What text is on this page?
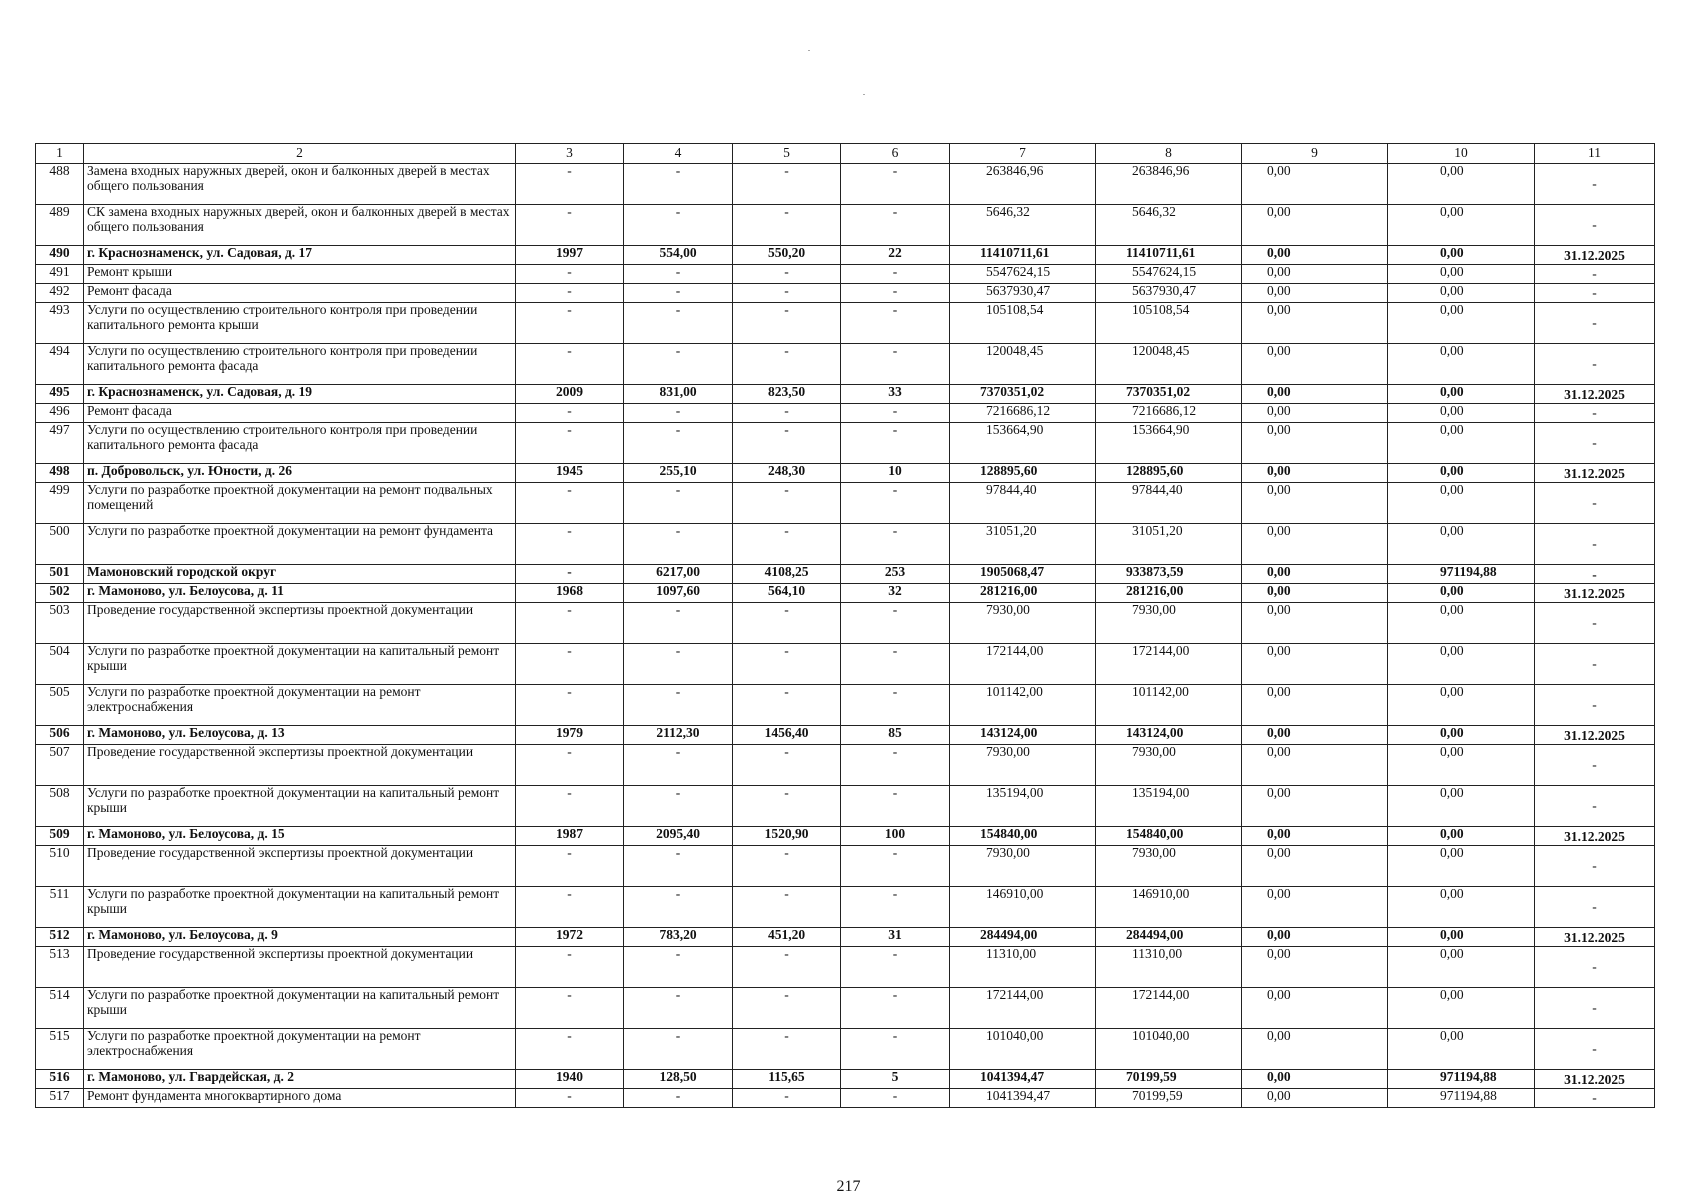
1	2	3	4	5	6	7	8	9	10	11
488	Замена входных наружных дверей, окон и балконных дверей в местах общего пользования	-	-	-	-	263846,96	263846,96	0,00	0,00	-
489	СК замена входных наружных дверей, окон и балконных дверей в местах общего пользования	-	-	-	-	5646,32	5646,32	0,00	0,00	-
490	г. Краснознаменск, ул. Садовая, д. 17	1997	554,00	550,20	22	11410711,61	11410711,61	0,00	0,00	31.12.2025
491	Ремонт крыши	-	-	-	-	5547624,15	5547624,15	0,00	0,00	-
492	Ремонт фасада	-	-	-	-	5637930,47	5637930,47	0,00	0,00	-
493	Услуги по осуществлению строительного контроля при проведении капитального ремонта крыши	-	-	-	-	105108,54	105108,54	0,00	0,00	-
494	Услуги по осуществлению строительного контроля при проведении капитального ремонта фасада	-	-	-	-	120048,45	120048,45	0,00	0,00	-
495	г. Краснознаменск, ул. Садовая, д. 19	2009	831,00	823,50	33	7370351,02	7370351,02	0,00	0,00	31.12.2025
496	Ремонт фасада	-	-	-	-	7216686,12	7216686,12	0,00	0,00	-
497	Услуги по осуществлению строительного контроля при проведении капитального ремонта фасада	-	-	-	-	153664,90	153664,90	0,00	0,00	-
498	п. Добровольск, ул. Юности, д. 26	1945	255,10	248,30	10	128895,60	128895,60	0,00	0,00	31.12.2025
499	Услуги по разработке проектной документации на ремонт подвальных помещений	-	-	-	-	97844,40	97844,40	0,00	0,00	-
500	Услуги по разработке проектной документации на ремонт фундамента	-	-	-	-	31051,20	31051,20	0,00	0,00	-
501	Мамоновский городской округ	-	6217,00	4108,25	253	1905068,47	933873,59	0,00	971194,88	-
502	г. Мамоново, ул. Белоусова, д. 11	1968	1097,60	564,10	32	281216,00	281216,00	0,00	0,00	31.12.2025
503	Проведение государственной экспертизы проектной документации	-	-	-	-	7930,00	7930,00	0,00	0,00	-
504	Услуги по разработке проектной документации на капитальный ремонт крыши	-	-	-	-	172144,00	172144,00	0,00	0,00	-
505	Услуги по разработке проектной документации на ремонт электроснабжения	-	-	-	-	101142,00	101142,00	0,00	0,00	-
506	г. Мамоново, ул. Белоусова, д. 13	1979	2112,30	1456,40	85	143124,00	143124,00	0,00	0,00	31.12.2025
507	Проведение государственной экспертизы проектной документации	-	-	-	-	7930,00	7930,00	0,00	0,00	-
508	Услуги по разработке проектной документации на капитальный ремонт крыши	-	-	-	-	135194,00	135194,00	0,00	0,00	-
509	г. Мамоново, ул. Белоусова, д. 15	1987	2095,40	1520,90	100	154840,00	154840,00	0,00	0,00	31.12.2025
510	Проведение государственной экспертизы проектной документации	-	-	-	-	7930,00	7930,00	0,00	0,00	-
511	Услуги по разработке проектной документации на капитальный ремонт крыши	-	-	-	-	146910,00	146910,00	0,00	0,00	-
512	г. Мамоново, ул. Белоусова, д. 9	1972	783,20	451,20	31	284494,00	284494,00	0,00	0,00	31.12.2025
513	Проведение государственной экспертизы проектной документации	-	-	-	-	11310,00	11310,00	0,00	0,00	-
514	Услуги по разработке проектной документации на капитальный ремонт крыши	-	-	-	-	172144,00	172144,00	0,00	0,00	-
515	Услуги по разработке проектной документации на ремонт электроснабжения	-	-	-	-	101040,00	101040,00	0,00	0,00	-
516	г. Мамоново, ул. Гвардейская, д. 2	1940	128,50	115,65	5	1041394,47	70199,59	0,00	971194,88	31.12.2025
517	Ремонт фундамента многоквартирного дома	-	-	-	-	1041394,47	70199,59	0,00	971194,88	-
217
